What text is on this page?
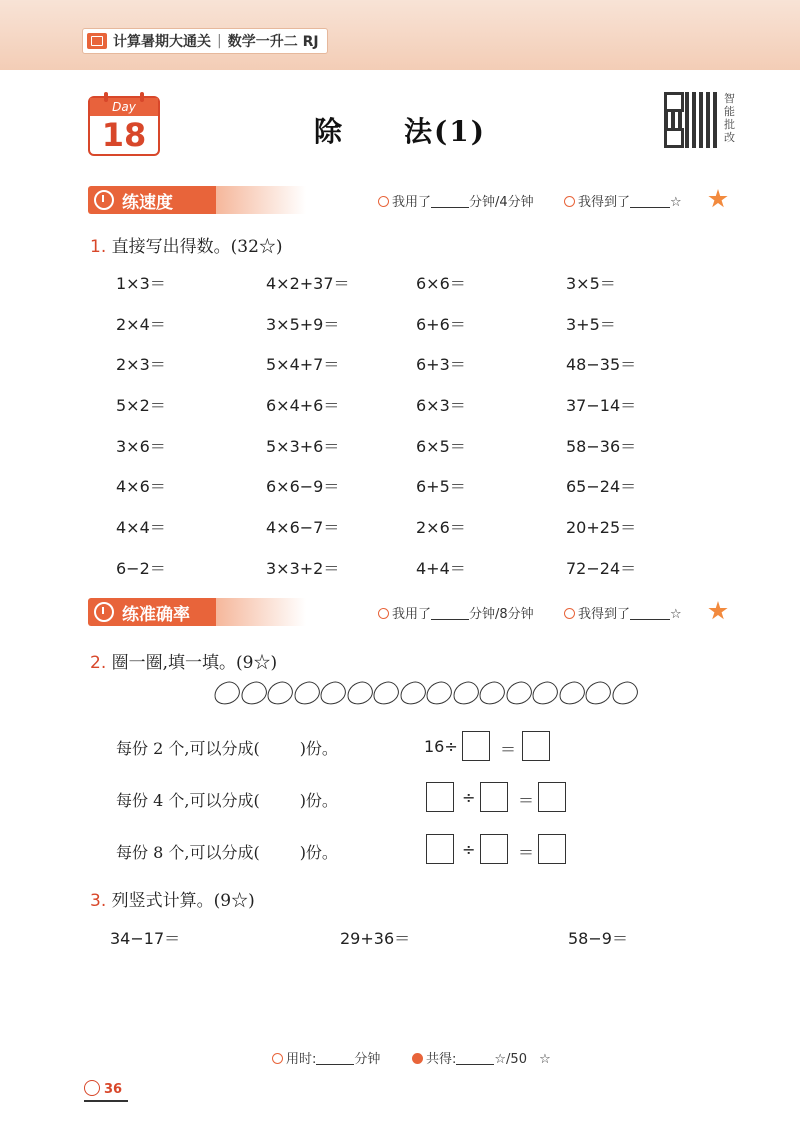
计算暑期大通关 | 数学一升二 RJ
Day
18	除　　法(1)
智能批改
练速度	我用了	分钟/4分钟	我得到了	☆
1. 直接写出得数。(32☆)
1×3＝	4×2+37＝	6×6＝	3×5＝
2×4＝	3×5+9＝	6+6＝	3+5＝
2×3＝	5×4+7＝	6+3＝	48−35＝
5×2＝	6×4+6＝	6×3＝	37−14＝
3×6＝	5×3+6＝	6×5＝	58−36＝
4×6＝	6×6−9＝	6+5＝	65−24＝
4×4＝	4×6−7＝	2×6＝	20+25＝
6−2＝	3×3+2＝	4+4＝	72−24＝
练准确率	我用了	分钟/8分钟	我得到了	☆
2. 圈一圈,填一填。(9☆)
每份 2 个,可以分成(	)份。	16÷	＝
每份 4 个,可以分成(	)份。	÷	＝
每份 8 个,可以分成(	)份。	÷	＝
3. 列竖式计算。(9☆)
34−17＝	29+36＝	58−9＝
用时:	分钟	共得:	☆/50 ☆
36
